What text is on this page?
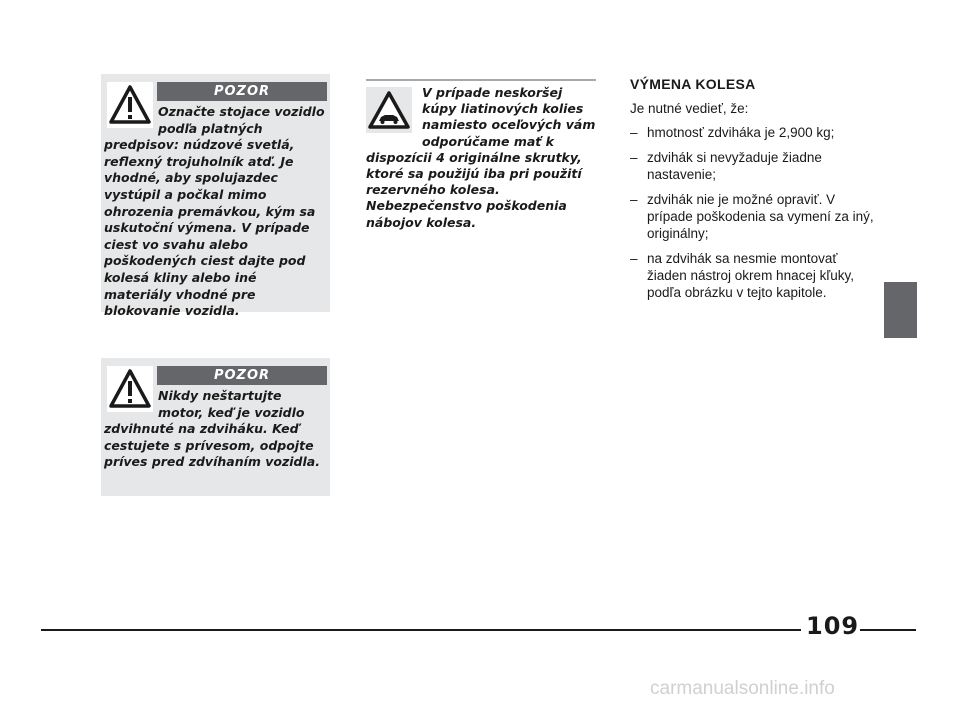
POZOR
Označte stojace vozidlo podľa platných predpisov: núdzové svetlá, reflexný trojuholník atď. Je vhodné, aby spolujazdec vystúpil a počkal mimo ohrozenia premávkou, kým sa uskutoční výmena. V prípade ciest vo svahu alebo poškodených ciest dajte pod kolesá kliny alebo iné materiály vhodné pre blokovanie vozidla.
POZOR
Nikdy neštartujte motor, keď je vozidlo zdvihnuté na zdviháku. Keď cestujete s prívesom, odpojte príves pred zdvíhaním vozidla.
V prípade neskoršej kúpy liatinových kolies namiesto oceľových vám odporúčame mať k dispozícii 4 originálne skrutky, ktoré sa použijú iba pri použití rezervného kolesa. Nebezpečenstvo poškodenia nábojov kolesa.
VÝMENA KOLESA
Je nutné vedieť, že:
– hmotnosť zdviháka je 2,900 kg;
– zdvihák si nevyžaduje žiadne nastavenie;
– zdvihák nie je možné opraviť. V prípade poškodenia sa vymení za iný, originálny;
– na zdvihák sa nesmie montovať žiaden nástroj okrem hnacej kľuky, podľa obrázku v tejto kapitole.
109
carmanualsonline.info
